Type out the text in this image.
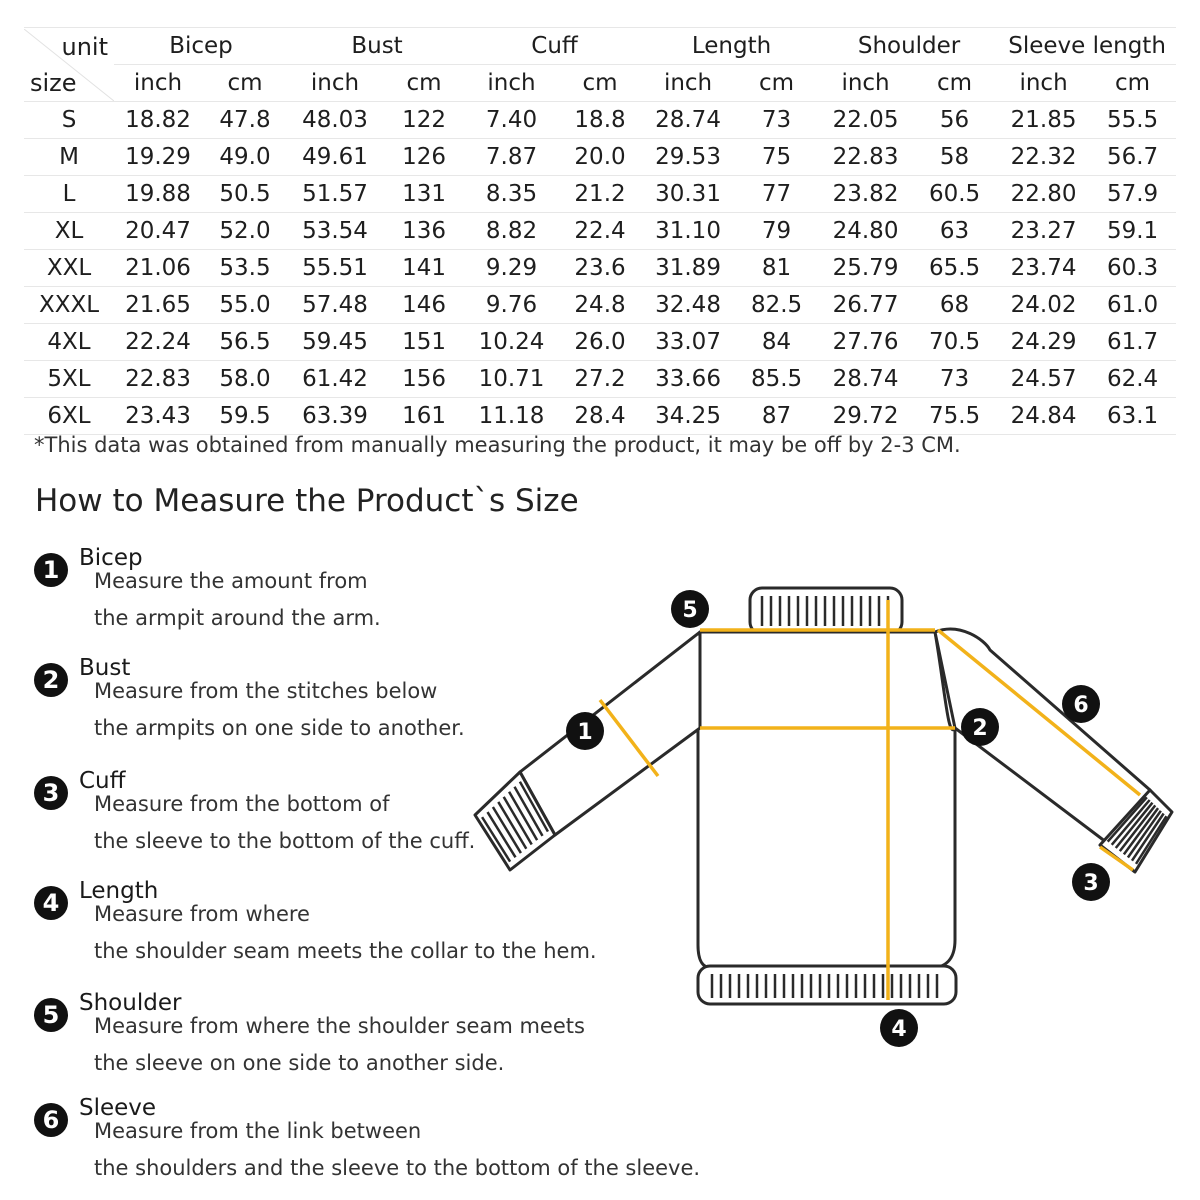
unit
size	Bicep		Bust		Cuff		Length		Shoulder		Sleeve length	
	inch	cm	inch	cm	inch	cm	inch	cm	inch	cm	inch	cm
S	18.82	47.8	48.03	122	7.40	18.8	28.74	73	22.05	56	21.85	55.5
M	19.29	49.0	49.61	126	7.87	20.0	29.53	75	22.83	58	22.32	56.7
L	19.88	50.5	51.57	131	8.35	21.2	30.31	77	23.82	60.5	22.80	57.9
XL	20.47	52.0	53.54	136	8.82	22.4	31.10	79	24.80	63	23.27	59.1
XXL	21.06	53.5	55.51	141	9.29	23.6	31.89	81	25.79	65.5	23.74	60.3
XXXL	21.65	55.0	57.48	146	9.76	24.8	32.48	82.5	26.77	68	24.02	61.0
4XL	22.24	56.5	59.45	151	10.24	26.0	33.07	84	27.76	70.5	24.29	61.7
5XL	22.83	58.0	61.42	156	10.71	27.2	33.66	85.5	28.74	73	24.57	62.4
6XL	23.43	59.5	63.39	161	11.18	28.4	34.25	87	29.72	75.5	24.84	63.1
*This data was obtained from manually measuring the product, it may be off by 2-3 CM.
How to Measure the Product`s Size
1 Bicep
Measure the amount from
the armpit around the arm.
2 Bust
Measure from the stitches below
the armpits on one side to another.
3 Cuff
Measure from the bottom of
the sleeve to the bottom of the cuff.
4 Length
Measure from where
the shoulder seam meets the collar to the hem.
5 Shoulder
Measure from where the shoulder seam meets
the sleeve on one side to another side.
6 Sleeve
Measure from the link between
the shoulders and the sleeve to the bottom of the sleeve.
1	2
3
4
5
6
